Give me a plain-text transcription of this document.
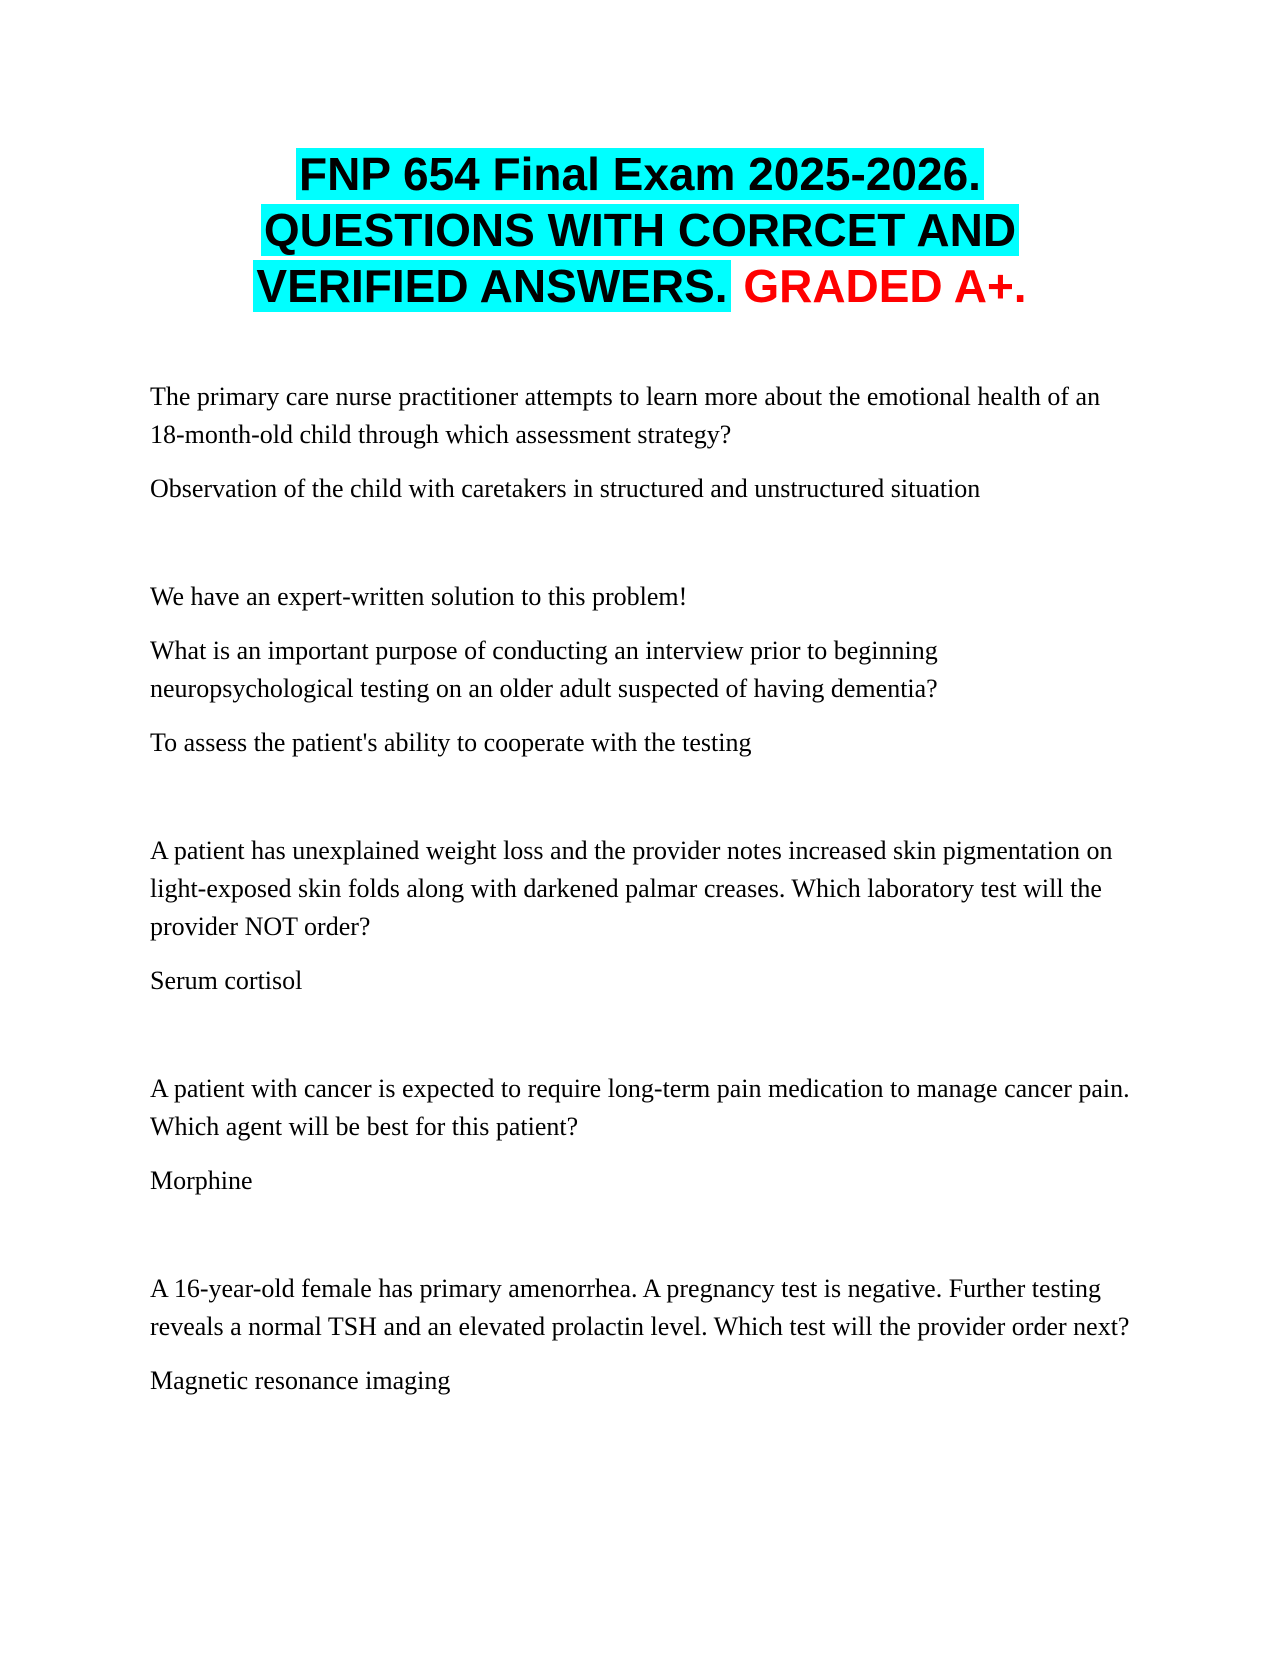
FNP 654 Final Exam 2025-2026.
QUESTIONS WITH CORRCET AND
VERIFIED ANSWERS. GRADED A+.

The primary care nurse practitioner attempts to learn more about the emotional health of an 18-month-old child through which assessment strategy?

Observation of the child with caretakers in structured and unstructured situation

We have an expert-written solution to this problem!

What is an important purpose of conducting an interview prior to beginning neuropsychological testing on an older adult suspected of having dementia?

To assess the patient's ability to cooperate with the testing

A patient has unexplained weight loss and the provider notes increased skin pigmentation on light-exposed skin folds along with darkened palmar creases. Which laboratory test will the provider NOT order?

Serum cortisol

A patient with cancer is expected to require long-term pain medication to manage cancer pain. Which agent will be best for this patient?

Morphine

A 16-year-old female has primary amenorrhea. A pregnancy test is negative. Further testing reveals a normal TSH and an elevated prolactin level. Which test will the provider order next?

Magnetic resonance imaging
